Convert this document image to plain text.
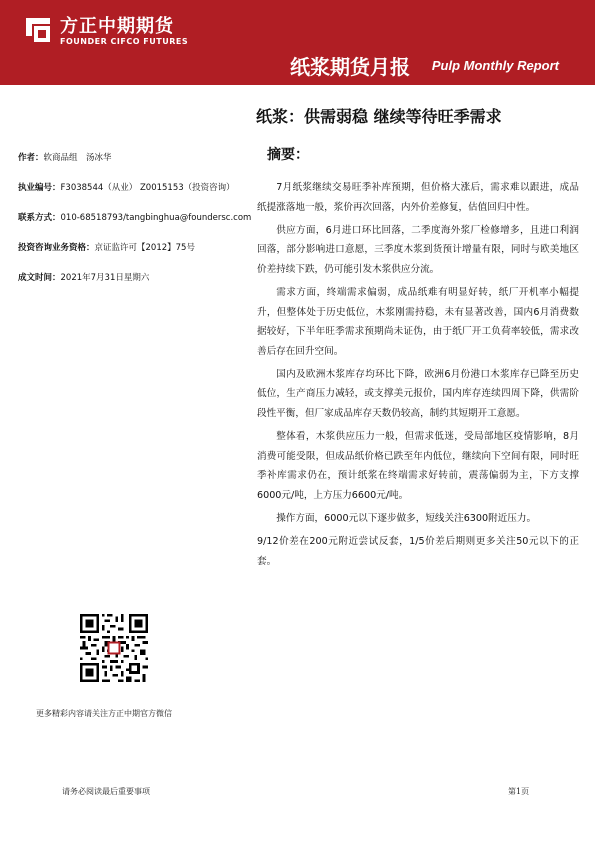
方正中期期货
FOUNDER CIFCO FUTURES
纸浆期货月报 Pulp Monthly Report
纸浆：供需弱稳 继续等待旺季需求
作者：软商品组　汤冰华
执业编号：F3038544（从业） Z0015153（投资咨询）
联系方式：010-68518793/tangbinghua@foundersc.com
投资咨询业务资格：京证监许可【2012】75号
成文时间：2021年7月31日星期六
摘要：

7月纸浆继续交易旺季补库预期，但价格大涨后，需求难以跟进，成品纸提涨落地一般，浆价再次回落，内外价差修复，估值回归中性。

供应方面，6月进口环比回落，二季度海外浆厂检修增多，且进口利润回落，部分影响进口意愿，三季度木浆到货预计增量有限，同时与欧美地区价差持续下跌，仍可能引发木浆供应分流。

需求方面，终端需求偏弱，成品纸难有明显好转，纸厂开机率小幅提升，但整体处于历史低位，木浆刚需持稳，未有显著改善，国内6月消费数据较好，下半年旺季需求预期尚未证伪，由于纸厂开工负荷率较低，需求改善后存在回升空间。

国内及欧洲木浆库存均环比下降，欧洲6月份港口木浆库存已降至历史低位，生产商压力减轻，或支撑美元报价，国内库存连续四周下降，供需阶段性平衡，但厂家成品库存天数仍较高，制约其短期开工意愿。

整体看，木浆供应压力一般，但需求低迷，受局部地区疫情影响，8月消费可能受限，但成品纸价格已跌至年内低位，继续向下空间有限，同时旺季补库需求仍在，预计纸浆在终端需求好转前，震荡偏弱为主，下方支撑6000元/吨，上方压力6600元/吨。

操作方面，6000元以下逐步做多，短线关注6300附近压力。

9/12价差在200元附近尝试反套，1/5价差后期则更多关注50元以下的正套。

更多精彩内容请关注方正中期官方微信
请务必阅读最后重要事项	第1页
